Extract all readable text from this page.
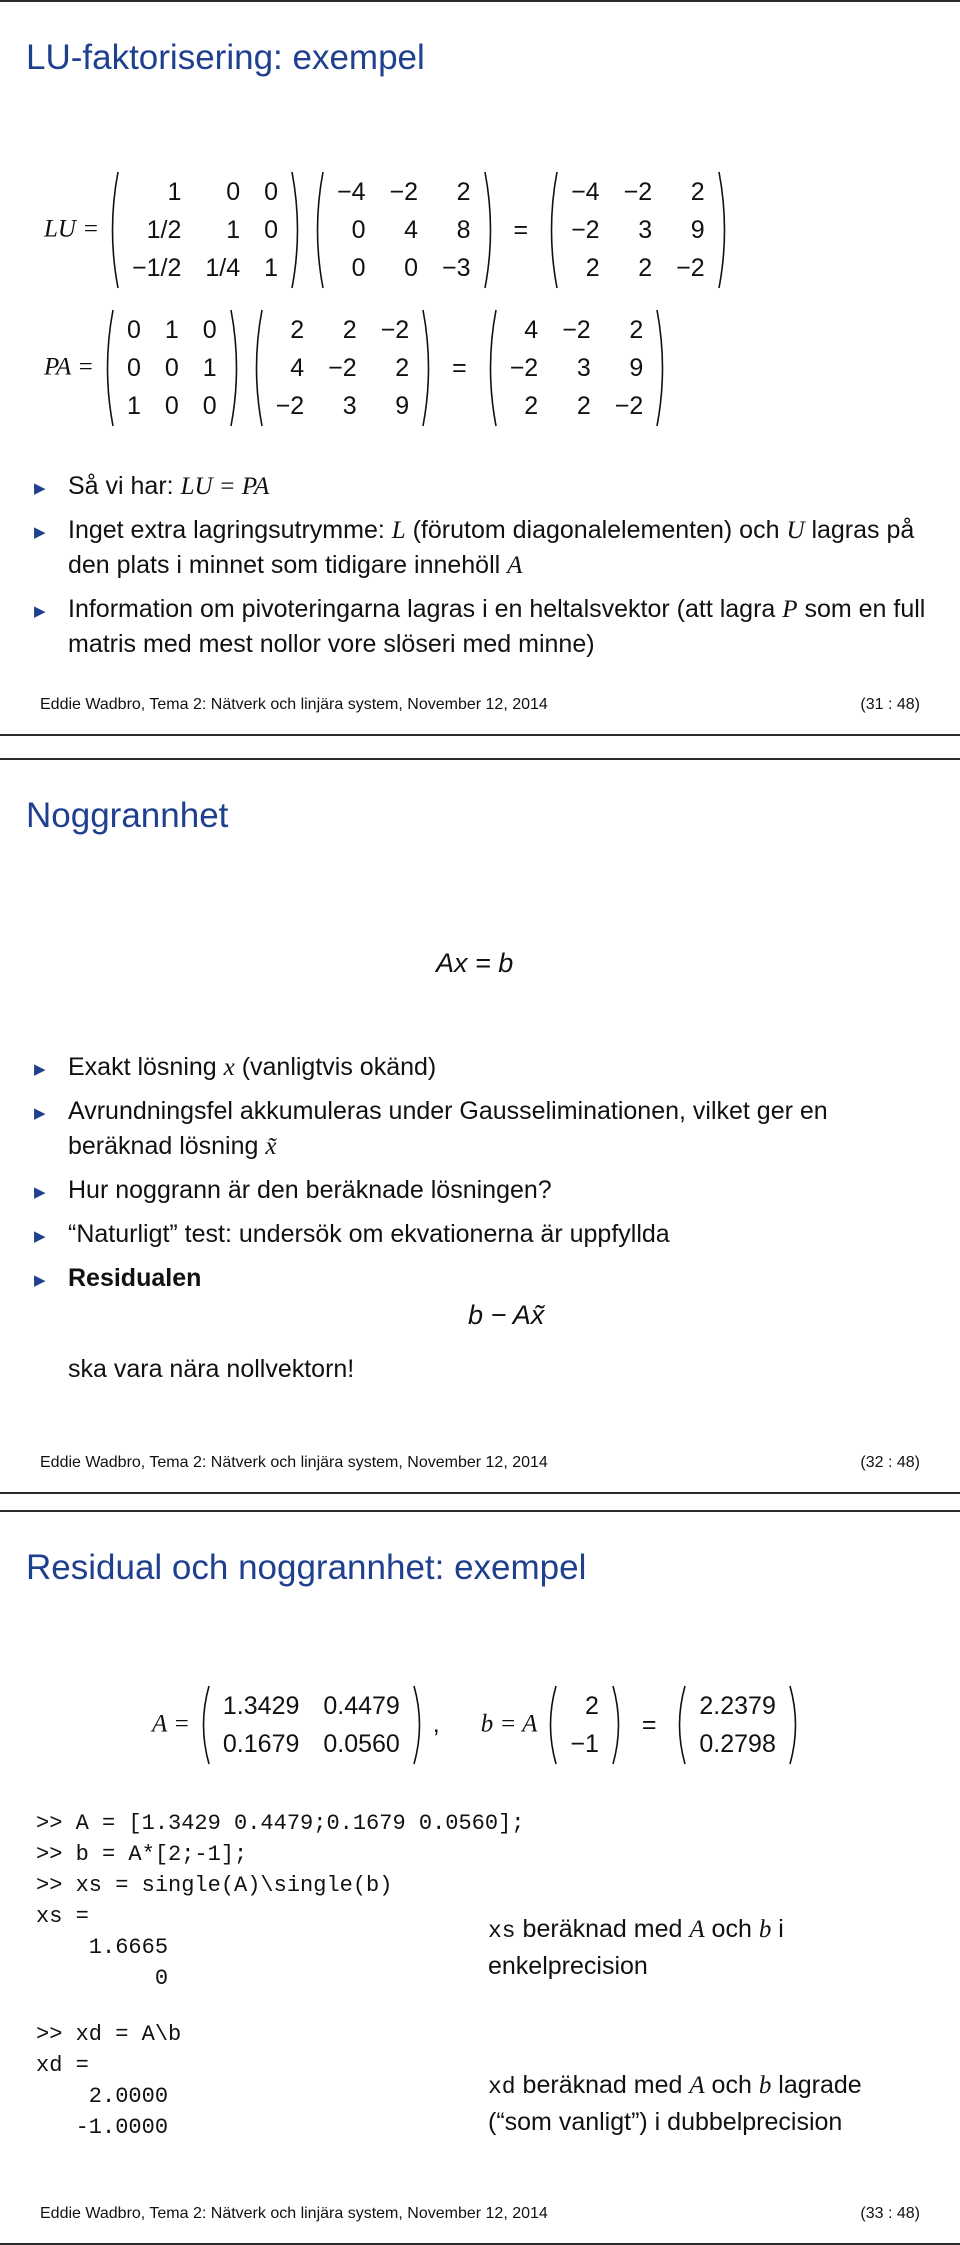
LU-faktorisering: exempel
LU =
1	0	0
1/2	1	0
−1/2	1/4	1

−4	−2	2
0	4	8
0	0	−3
=
−4	−2	2
−2	3	9
2	2	−2
PA =
0	1	0
0	0	1
1	0	0

2	2	−2
4	−2	2
−2	3	9
=
4	−2	2
−2	3	9
2	2	−2
▶ Så vi har: LU = PA
▶ Inget extra lagringsutrymme: L (förutom diagonalelementen) och U lagras på den plats i minnet som tidigare innehöll A
▶ Information om pivoteringarna lagras i en heltalsvektor (att lagra P som en full matris med mest nollor vore slöseri med minne)
Eddie Wadbro, Tema 2: Nätverk och linjära system, November 12, 2014	(31 : 48)
Noggrannhet
Ax = b
▶ Exakt lösning x (vanligtvis okänd)
▶ Avrundningsfel akkumuleras under Gausseliminationen, vilket ger en beräknad lösning x̃
▶ Hur noggrann är den beräknade lösningen?
▶ “Naturligt” test: undersök om ekvationerna är uppfyllda
▶ Residualen
b − Ax̃
ska vara nära nollvektorn!
Eddie Wadbro, Tema 2: Nätverk och linjära system, November 12, 2014	(32 : 48)
Residual och noggrannhet: exempel
A =
1.3429	0.4479
0.1679	0.0560
, b = A
2
−1
=
2.2379
0.2798
>> A = [1.3429 0.4479;0.1679 0.0560];
>> b = A*[2;-1];
>> xs = single(A)\single(b)
xs =
1.6665
0
>> xd = A\b
xd =
2.0000
-1.0000
xs beräknad med A och b i enkelprecision
xd beräknad med A och b lagrade (“som vanligt”) i dubbelprecision
Eddie Wadbro, Tema 2: Nätverk och linjära system, November 12, 2014	(33 : 48)
